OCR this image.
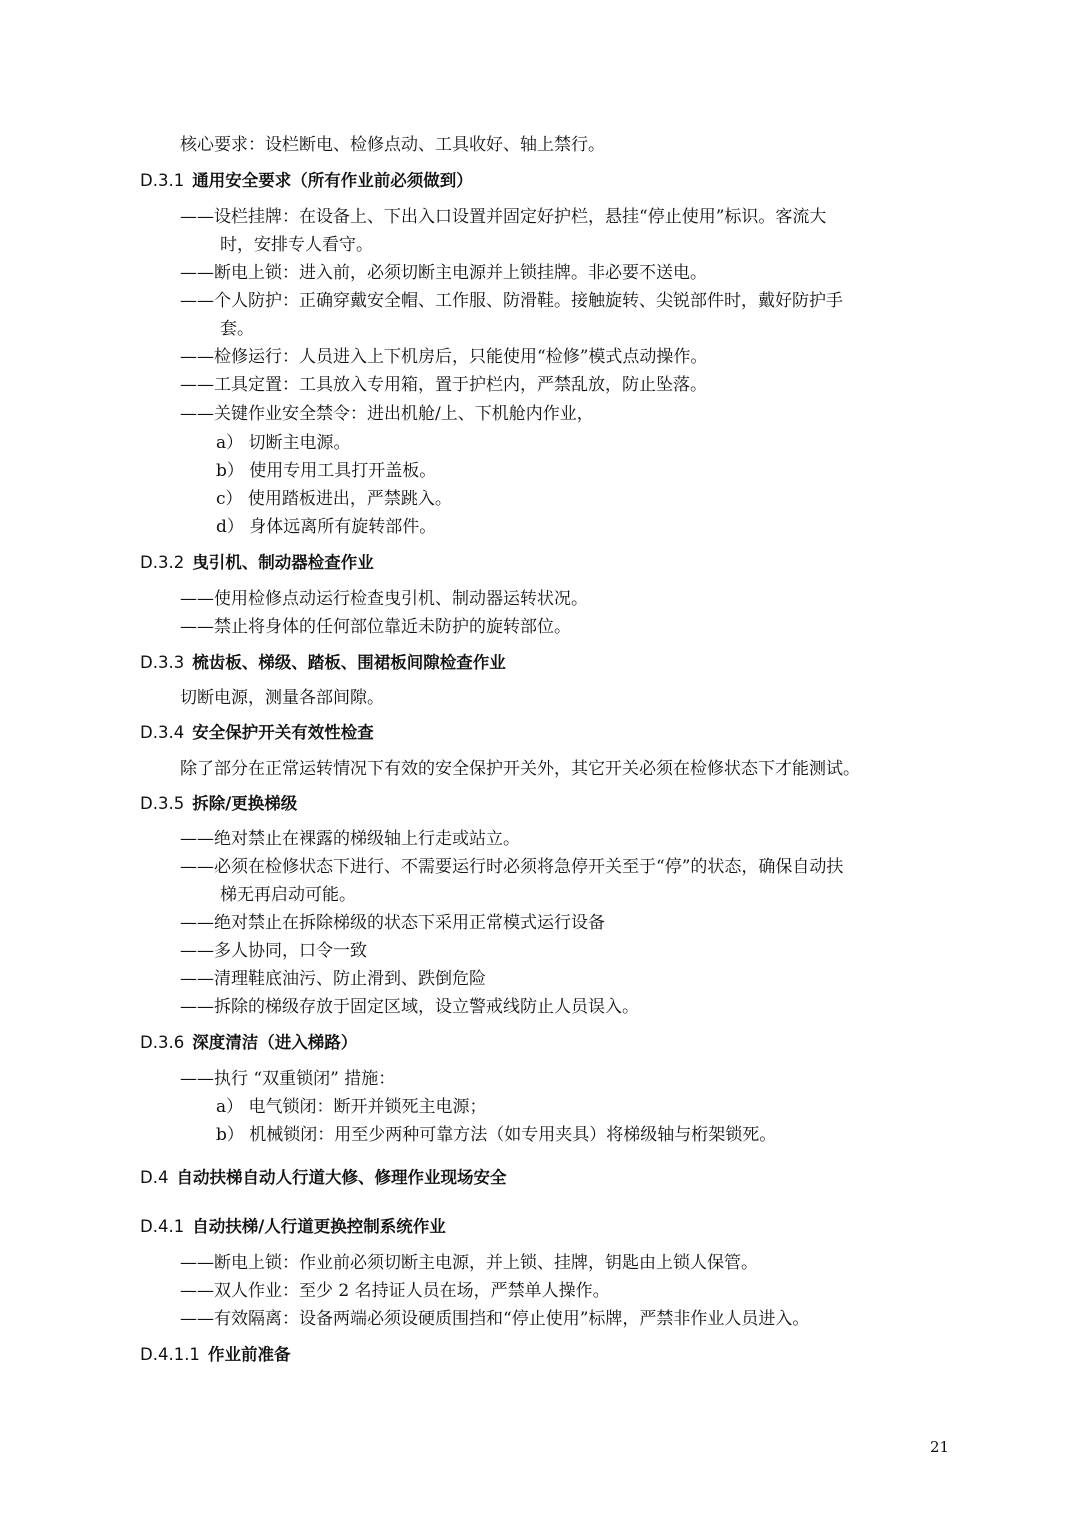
核心要求：设栏断电、检修点动、工具收好、轴上禁行。
D.3.1 通用安全要求（所有作业前必须做到）
——设栏挂牌：在设备上、下出入口设置并固定好护栏，悬挂“停止使用”标识。客流大
时，安排专人看守。
——断电上锁：进入前，必须切断主电源并上锁挂牌。非必要不送电。
——个人防护：正确穿戴安全帽、工作服、防滑鞋。接触旋转、尖锐部件时，戴好防护手
套。
——检修运行：人员进入上下机房后，只能使用“检修”模式点动操作。
——工具定置：工具放入专用箱，置于护栏内，严禁乱放，防止坠落。
——关键作业安全禁令：进出机舱/上、下机舱内作业，
a） 切断主电源。
b） 使用专用工具打开盖板。
c） 使用踏板进出，严禁跳入。
d） 身体远离所有旋转部件。
D.3.2 曳引机、制动器检查作业
——使用检修点动运行检查曳引机、制动器运转状况。
——禁止将身体的任何部位靠近未防护的旋转部位。
D.3.3 梳齿板、梯级、踏板、围裙板间隙检查作业
切断电源，测量各部间隙。
D.3.4 安全保护开关有效性检查
除了部分在正常运转情况下有效的安全保护开关外，其它开关必须在检修状态下才能测试。
D.3.5 拆除/更换梯级
——绝对禁止在裸露的梯级轴上行走或站立。
——必须在检修状态下进行、不需要运行时必须将急停开关至于“停”的状态，确保自动扶
梯无再启动可能。
——绝对禁止在拆除梯级的状态下采用正常模式运行设备
——多人协同，口令一致
——清理鞋底油污、防止滑到、跌倒危险
——拆除的梯级存放于固定区域，设立警戒线防止人员误入。
D.3.6 深度清洁（进入梯路）
——执行 “双重锁闭” 措施：
a） 电气锁闭：断开并锁死主电源；
b） 机械锁闭：用至少两种可靠方法（如专用夹具）将梯级轴与桁架锁死。
D.4 自动扶梯自动人行道大修、修理作业现场安全
D.4.1 自动扶梯/人行道更换控制系统作业
——断电上锁：作业前必须切断主电源，并上锁、挂牌，钥匙由上锁人保管。
——双人作业：至少 2 名持证人员在场，严禁单人操作。
——有效隔离：设备两端必须设硬质围挡和“停止使用”标牌，严禁非作业人员进入。
D.4.1.1 作业前准备
21
